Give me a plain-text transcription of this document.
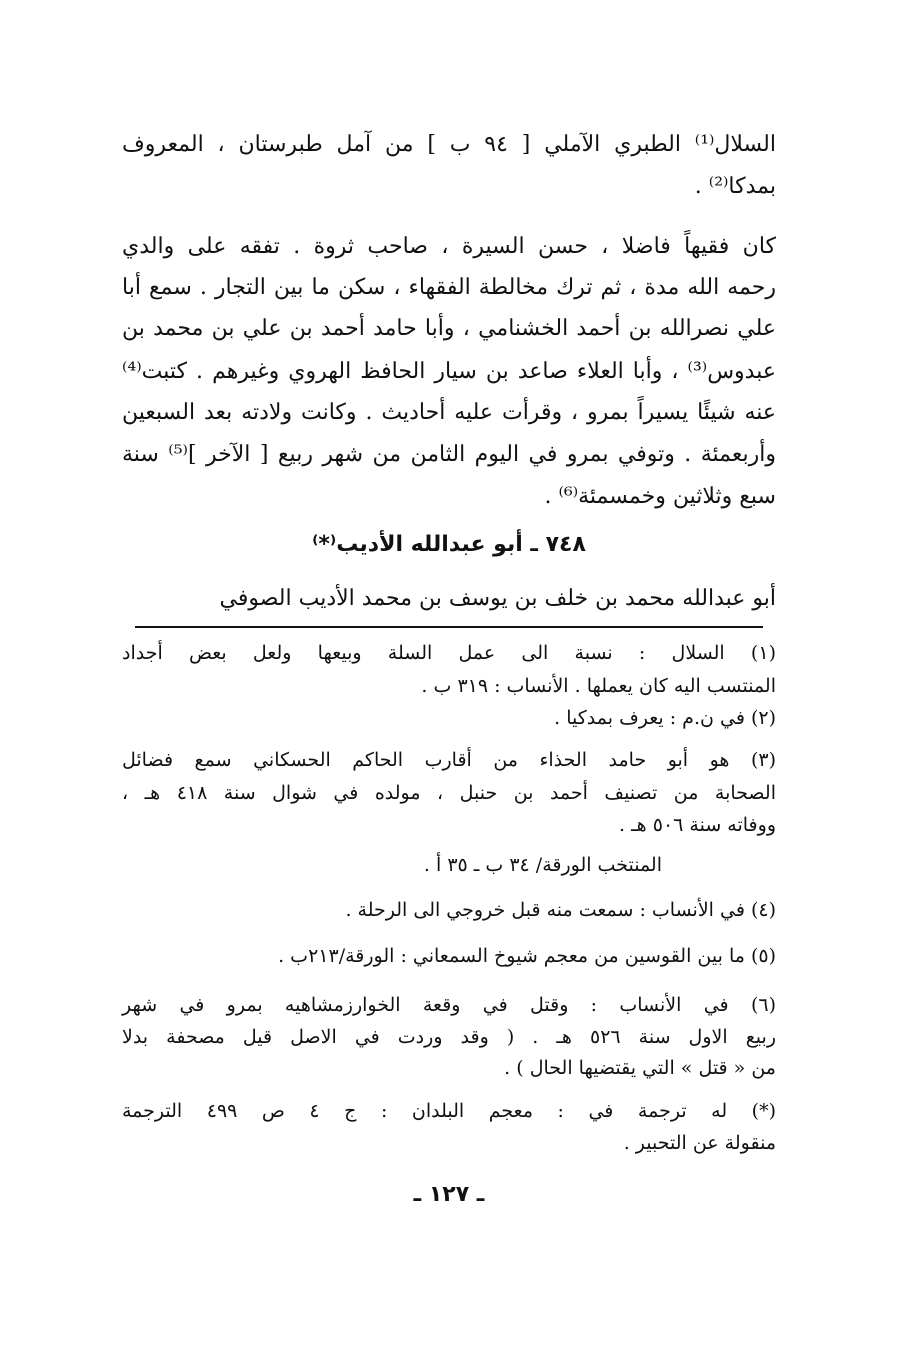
السلال⁽¹⁾ الطبري الآملي [ ٩٤ ب ] من آمل طبرستان ، المعروف
بمدكا⁽²⁾ .
كان فقيهاً فاضلا ، حسن السيرة ، صاحب ثروة . تفقه على والدي
رحمه الله مدة ، ثم ترك مخالطة الفقهاء ، سكن ما بين التجار . سمع أبا
علي نصرالله بن أحمد الخشنامي ، وأبا حامد أحمد بن علي بن محمد بن
عبدوس⁽³⁾ ، وأبا العلاء صاعد بن سيار الحافظ الهروي وغيرهم . كتبت⁽⁴⁾
عنه شيئًا يسيراً بمرو ، وقرأت عليه أحاديث . وكانت ولادته بعد السبعين
وأربعمئة . وتوفي بمرو في اليوم الثامن من شهر ربيع [ الآخر ]⁽⁵⁾ سنة
سبع وثلاثين وخمسمئة⁽⁶⁾ .
٧٤٨ ـ أبو عبدالله الأديب⁽*⁾
أبو عبدالله محمد بن خلف بن يوسف بن محمد الأديب الصوفي
(١) السلال : نسبة الى عمل السلة وبيعها ولعل بعض أجداد
المنتسب اليه كان يعملها . الأنساب : ٣١٩ ب .
(٢) في ن.م : يعرف بمدكيا .
(٣) هو أبو حامد الحذاء من أقارب الحاكم الحسكاني سمع فضائل
الصحابة من تصنيف أحمد بن حنبل ، مولده في شوال سنة ٤١٨ هـ ،
ووفاته سنة ٥٠٦ هـ .
المنتخب الورقة/ ٣٤ ب ـ ٣٥ أ .
(٤) في الأنساب : سمعت منه قبل خروجي الى الرحلة .
(٥) ما بين القوسين من معجم شيوخ السمعاني : الورقة/٢١٣ب .
(٦) في الأنساب : وقتل في وقعة الخوارزمشاهيه بمرو في شهر
ربيع الاول سنة ٥٢٦ هـ . ( وقد وردت في الاصل قيل مصحفة بدلا
من « قتل » التي يقتضيها الحال ) .
(*) له ترجمة في : معجم البلدان : ج ٤ ص ٤٩٩ الترجمة
منقولة عن التحبير .
ـ ١٢٧ ـ
